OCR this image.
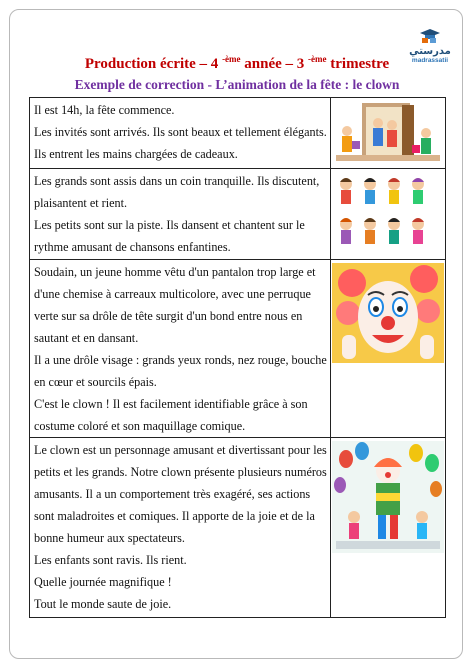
مدرستي
madrassatii
Production écrite – 4 $^{-ème}$ année – 3 $^{-ème}$ trimestre
Exemple de correction - L’animation de la fête : le clown

Il est 14h, la fête commence.

Les invités sont arrivés. Ils sont beaux et tellement élégants. Ils entrent les mains chargées de cadeaux.

Les grands sont assis dans un coin tranquille. Ils discutent, plaisantent et rient.

Les petits sont sur la piste. Ils dansent et chantent sur le rythme amusant de chansons enfantines.

Soudain, un jeune homme vêtu d'un pantalon trop large et d'une chemise à carreaux multicolore, avec une perruque verte sur sa drôle de tête surgit d'un bond entre nous en sautant et en dansant.

Il a une drôle visage : grands yeux ronds, nez rouge, bouche en cœur et sourcils épais.

C'est le clown ! Il est facilement identifiable grâce à son costume coloré et son maquillage comique.

Le clown est un personnage amusant et divertissant pour les petits et les grands. Notre clown présente plusieurs numéros amusants. Il a un comportement très exagéré, ses actions sont maladroites et comiques. Il apporte de la joie et de la bonne humeur aux spectateurs.

Les enfants sont ravis. Ils rient.

Quelle journée magnifique !

Tout le monde saute de joie.
